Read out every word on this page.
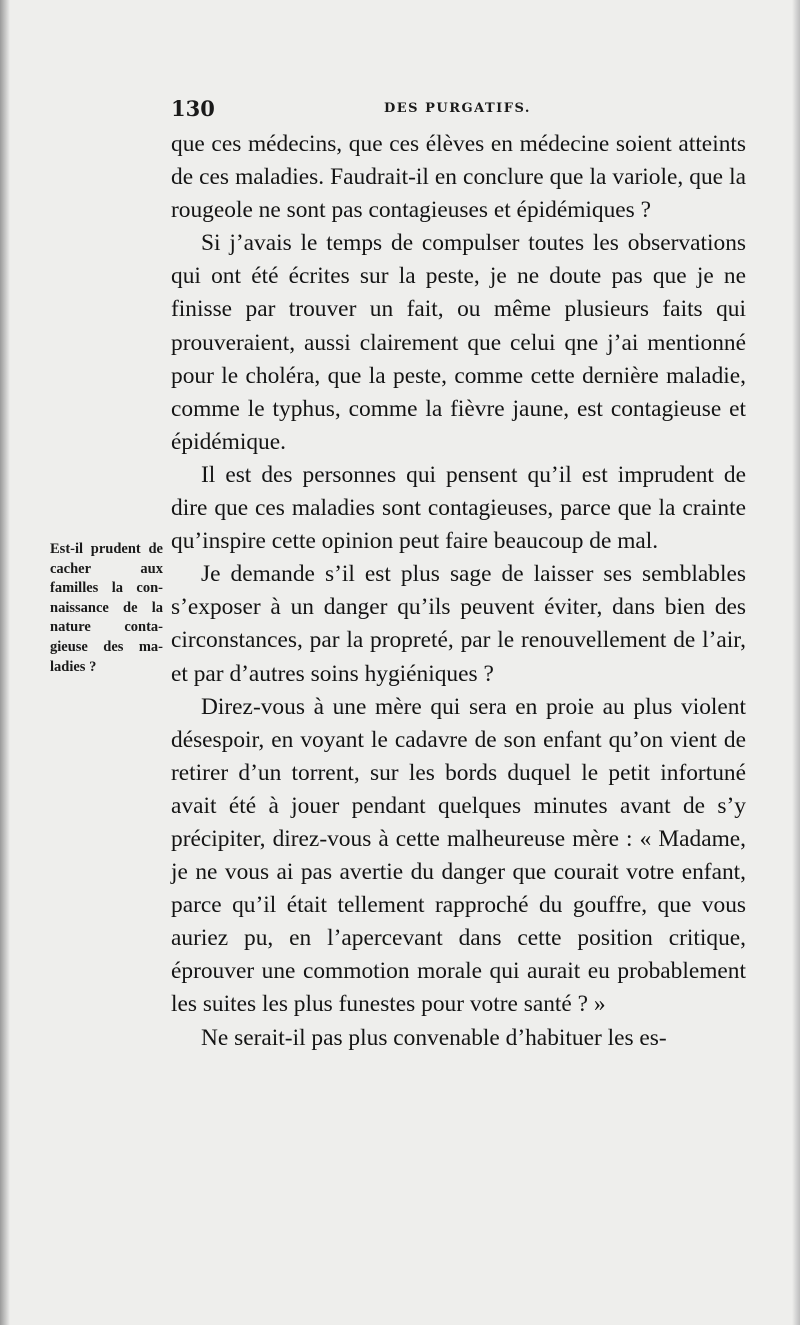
130	DES PURGATIFS.
Est-il prudent de cacher aux familles la connaissance de la nature contagieuse des maladies ?

que ces médecins, que ces élèves en médecine soient atteints de ces maladies. Faudrait-il en conclure que la variole, que la rougeole ne sont pas contagieuses et épidémiques ?

Si j’avais le temps de compulser toutes les observations qui ont été écrites sur la peste, je ne doute pas que je ne finisse par trouver un fait, ou même plusieurs faits qui prouveraient, aussi clairement que celui qne j’ai mentionné pour le choléra, que la peste, comme cette dernière maladie, comme le typhus, comme la fièvre jaune, est contagieuse et épidémique.

Il est des personnes qui pensent qu’il est imprudent de dire que ces maladies sont contagieuses, parce que la crainte qu’inspire cette opinion peut faire beaucoup de mal.

Je demande s’il est plus sage de laisser ses semblables s’exposer à un danger qu’ils peuvent éviter, dans bien des circonstances, par la propreté, par le renouvellement de l’air, et par d’autres soins hygiéniques ?

Direz-vous à une mère qui sera en proie au plus violent désespoir, en voyant le cadavre de son enfant qu’on vient de retirer d’un torrent, sur les bords duquel le petit infortuné avait été à jouer pendant quelques minutes avant de s’y précipiter, direz-vous à cette malheureuse mère : « Madame, je ne vous ai pas avertie du danger que courait votre enfant, parce qu’il était tellement rapproché du gouffre, que vous auriez pu, en l’apercevant dans cette position critique, éprouver une commotion morale qui aurait eu probablement les suites les plus funestes pour votre santé ? »

Ne serait-il pas plus convenable d’habituer les es-
